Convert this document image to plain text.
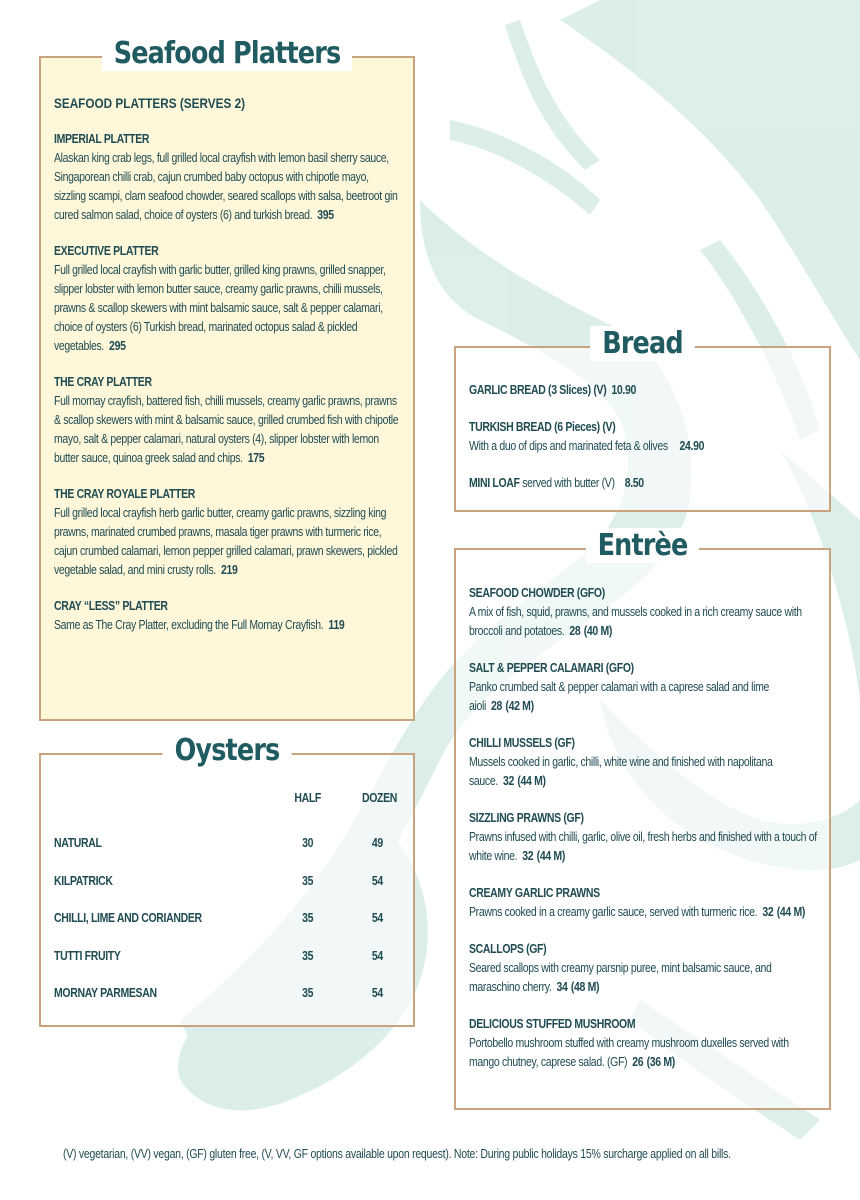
Seafood Platters
SEAFOOD PLATTERS (SERVES 2)
IMPERIAL PLATTER
Alaskan king crab legs, full grilled local crayfish with lemon basil sherry sauce, Singaporean chilli crab, cajun crumbed baby octopus with chipotle mayo, sizzling scampi, clam seafood chowder, seared scallops with salsa, beetroot gin cured salmon salad, choice of oysters (6) and turkish bread. 395
EXECUTIVE PLATTER
Full grilled local crayfish with garlic butter, grilled king prawns, grilled snapper, slipper lobster with lemon butter sauce, creamy garlic prawns, chilli mussels, prawns & scallop skewers with mint balsamic sauce, salt & pepper calamari, choice of oysters (6) Turkish bread, marinated octopus salad & pickled vegetables. 295
THE CRAY PLATTER
Full mornay crayfish, battered fish, chilli mussels, creamy garlic prawns, prawns & scallop skewers with mint & balsamic sauce, grilled crumbed fish with chipotle mayo, salt & pepper calamari, natural oysters (4), slipper lobster with lemon butter sauce, quinoa greek salad and chips. 175
THE CRAY ROYALE PLATTER
Full grilled local crayfish herb garlic butter, creamy garlic prawns, sizzling king prawns, marinated crumbed prawns, masala tiger prawns with turmeric rice, cajun crumbed calamari, lemon pepper grilled calamari, prawn skewers, pickled vegetable salad, and mini crusty rolls. 219
CRAY “LESS” PLATTER
Same as The Cray Platter, excluding the Full Mornay Crayfish. 119
Oysters
HALF	DOZEN
NATURAL	30	49
KILPATRICK	35	54
CHILLI, LIME AND CORIANDER	35	54
TUTTI FRUITY	35	54
MORNAY PARMESAN	35	54
Bread
GARLIC BREAD (3 Slices) (V) 10.90
TURKISH BREAD (6 Pieces) (V)
With a duo of dips and marinated feta & olives 24.90
MINI LOAF served with butter (V) 8.50
Entrèe
SEAFOOD CHOWDER (GFO)
A mix of fish, squid, prawns, and mussels cooked in a rich creamy sauce with broccoli and potatoes. 28 (40 M)
SALT & PEPPER CALAMARI (GFO)
Panko crumbed salt & pepper calamari with a caprese salad and lime aioli 28 (42 M)
CHILLI MUSSELS (GF)
Mussels cooked in garlic, chilli, white wine and finished with napolitana sauce. 32 (44 M)
SIZZLING PRAWNS (GF)
Prawns infused with chilli, garlic, olive oil, fresh herbs and finished with a touch of white wine. 32 (44 M)
CREAMY GARLIC PRAWNS
Prawns cooked in a creamy garlic sauce, served with turmeric rice. 32 (44 M)
SCALLOPS (GF)
Seared scallops with creamy parsnip puree, mint balsamic sauce, and maraschino cherry. 34 (48 M)
DELICIOUS STUFFED MUSHROOM
Portobello mushroom stuffed with creamy mushroom duxelles served with mango chutney, caprese salad. (GF) 26 (36 M)
(V) vegetarian, (VV) vegan, (GF) gluten free, (V, VV, GF options available upon request). Note: During public holidays 15% surcharge applied on all bills.
